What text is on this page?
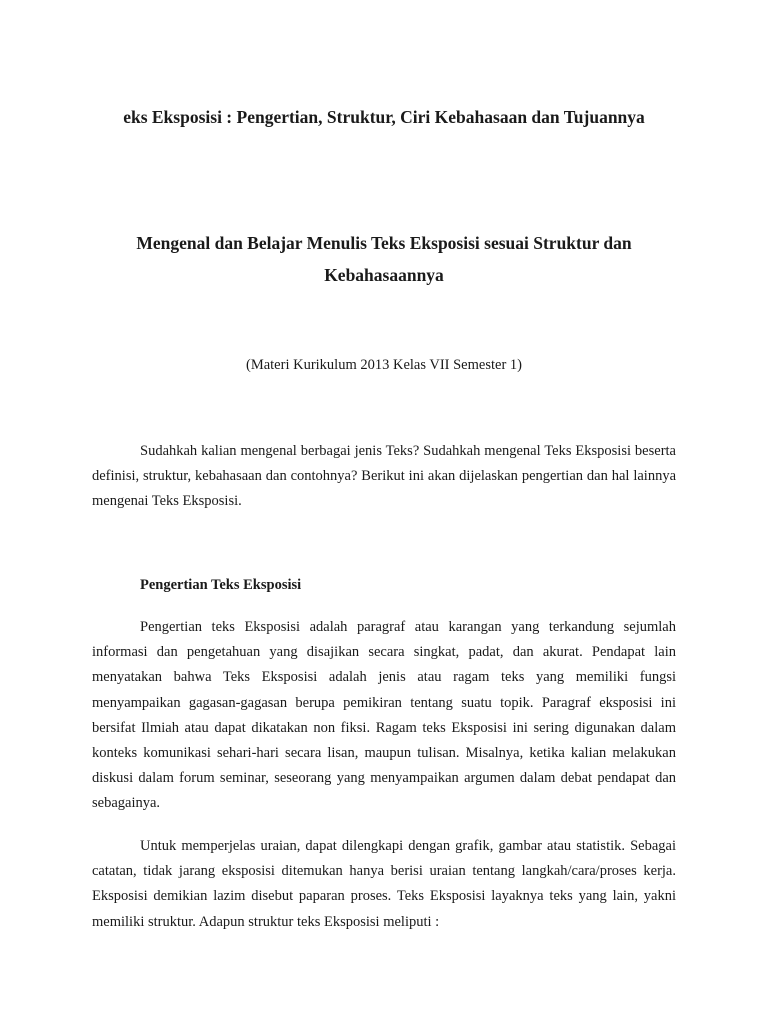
eks Eksposisi : Pengertian, Struktur, Ciri Kebahasaan dan Tujuannya
Mengenal dan Belajar Menulis Teks Eksposisi sesuai Struktur dan Kebahasaannya

(Materi Kurikulum 2013 Kelas VII Semester 1)

Sudahkah kalian mengenal berbagai jenis Teks? Sudahkah mengenal Teks Eksposisi beserta definisi, struktur, kebahasaan dan contohnya? Berikut ini akan dijelaskan pengertian dan hal lainnya mengenai Teks Eksposisi.

Pengertian Teks Eksposisi

Pengertian teks Eksposisi adalah paragraf atau karangan yang terkandung sejumlah informasi dan pengetahuan yang disajikan secara singkat, padat, dan akurat. Pendapat lain menyatakan bahwa Teks Eksposisi adalah jenis atau ragam teks yang memiliki fungsi menyampaikan gagasan-gagasan berupa pemikiran tentang suatu topik. Paragraf eksposisi ini bersifat Ilmiah atau dapat dikatakan non fiksi. Ragam teks Eksposisi ini sering digunakan dalam konteks komunikasi sehari-hari secara lisan, maupun tulisan. Misalnya, ketika kalian melakukan diskusi dalam forum seminar, seseorang yang menyampaikan argumen dalam debat pendapat dan sebagainya.

Untuk memperjelas uraian, dapat dilengkapi dengan grafik, gambar atau statistik. Sebagai catatan, tidak jarang eksposisi ditemukan hanya berisi uraian tentang langkah/cara/proses kerja. Eksposisi demikian lazim disebut paparan proses. Teks Eksposisi layaknya teks yang lain, yakni memiliki struktur. Adapun struktur teks Eksposisi meliputi :
